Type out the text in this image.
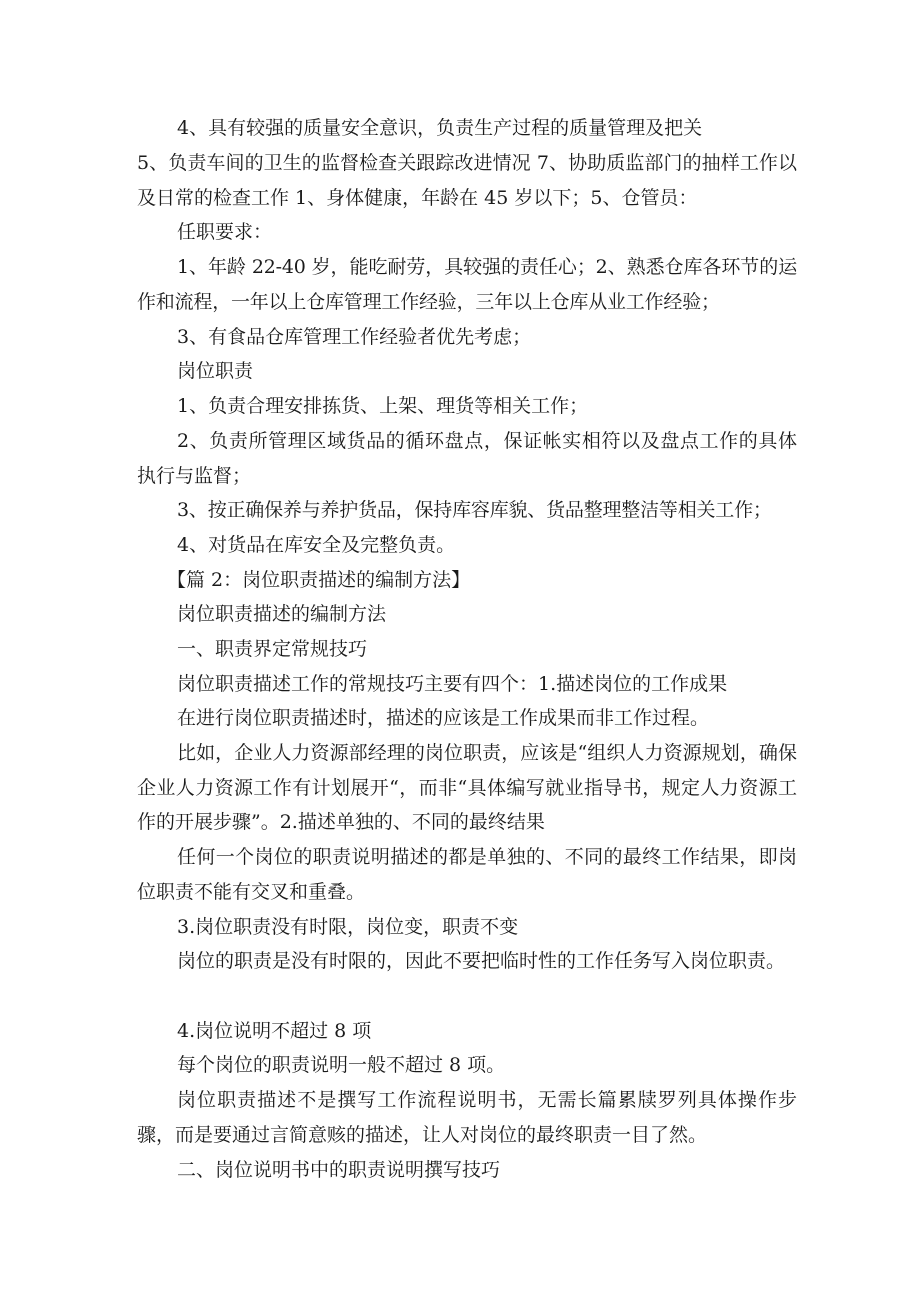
4、具有较强的质量安全意识，负责生产过程的质量管理及把关

5、负责车间的卫生的监督检查关跟踪改进情况 7、协助质监部门的抽样工作以及日常的检查工作 1、身体健康，年龄在 45 岁以下；5、仓管员：

任职要求：

1、年龄 22-40 岁，能吃耐劳，具较强的责任心；2、熟悉仓库各环节的运作和流程，一年以上仓库管理工作经验，三年以上仓库从业工作经验；

3、有食品仓库管理工作经验者优先考虑；

岗位职责

1、负责合理安排拣货、上架、理货等相关工作；

2、负责所管理区域货品的循环盘点，保证帐实相符以及盘点工作的具体执行与监督；

3、按正确保养与养护货品，保持库容库貌、货品整理整洁等相关工作；

4、对货品在库安全及完整负责。

【篇 2：岗位职责描述的编制方法】

岗位职责描述的编制方法

一、职责界定常规技巧

岗位职责描述工作的常规技巧主要有四个：1.描述岗位的工作成果

在进行岗位职责描述时，描述的应该是工作成果而非工作过程。

比如，企业人力资源部经理的岗位职责，应该是“组织人力资源规划，确保企业人力资源工作有计划展开“，而非“具体编写就业指导书，规定人力资源工作的开展步骤”。2.描述单独的、不同的最终结果

任何一个岗位的职责说明描述的都是单独的、不同的最终工作结果，即岗位职责不能有交叉和重叠。

3.岗位职责没有时限，岗位变，职责不变

岗位的职责是没有时限的，因此不要把临时性的工作任务写入岗位职责。

4.岗位说明不超过 8 项

每个岗位的职责说明一般不超过 8 项。

岗位职责描述不是撰写工作流程说明书，无需长篇累牍罗列具体操作步骤，而是要通过言简意赅的描述，让人对岗位的最终职责一目了然。

二、岗位说明书中的职责说明撰写技巧
